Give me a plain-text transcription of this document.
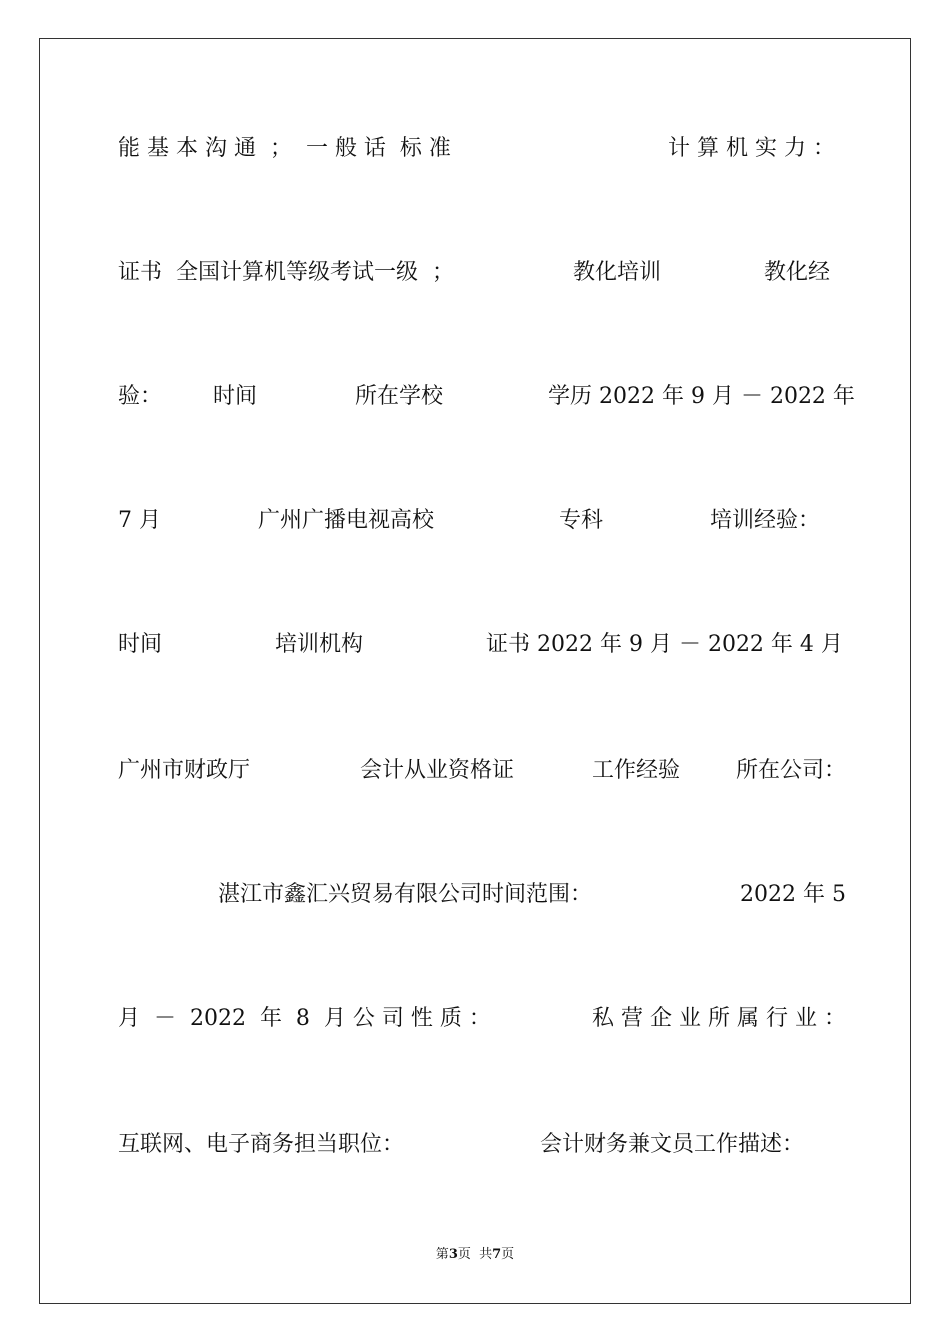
能 基 本 沟 通  ；  一 般 话  标 准

	计 算 机 实 力 ：

证书  全国计算机等级考试一级  ；

	教化培训

	教化经

验：

时间

	所在学校

	学历 2022 年 9 月 － 2022 年

7 月

	广州广播电视高校

	专科

	培训经验：

时间

	培训机构

	证书 2022 年 9 月 － 2022 年 4 月

广州市财政厅

	会计从业资格证

	工作经验

	所在公司：

湛江市鑫汇兴贸易有限公司时间范围：

	2022 年 5

月  －  2022  年  8  月 公 司 性 质 ：

	私 营 企 业 所 属 行 业 ：

互联网、电子商务担当职位：

	会计财务兼文员工作描述：

第3页  共7页
